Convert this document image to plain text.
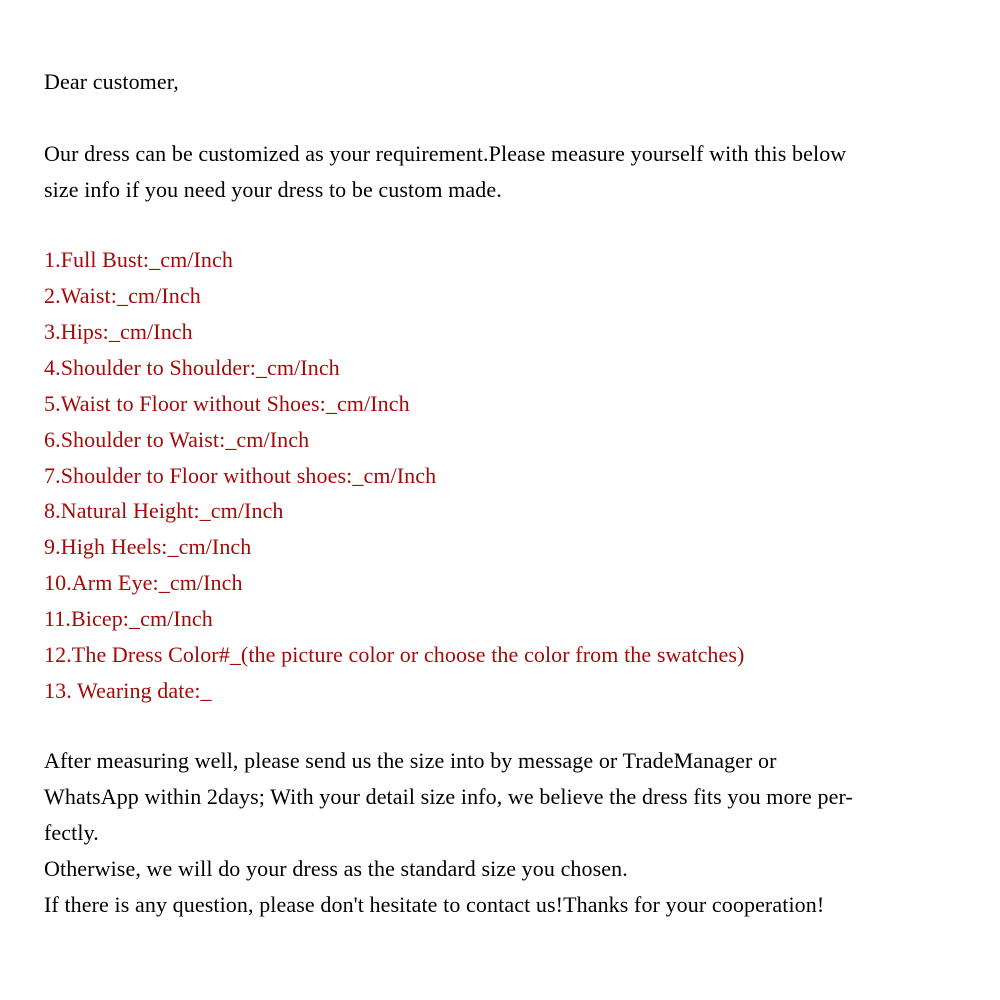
Dear customer,
Our dress can be customized as your requirement.Please measure yourself with this below
size info if you need your dress to be custom made.
1.Full Bust:_cm/Inch
2.Waist:_cm/Inch
3.Hips:_cm/Inch
4.Shoulder to Shoulder:_cm/Inch
5.Waist to Floor without Shoes:_cm/Inch
6.Shoulder to Waist:_cm/Inch
7.Shoulder to Floor without shoes:_cm/Inch
8.Natural Height:_cm/Inch
9.High Heels:_cm/Inch
10.Arm Eye:_cm/Inch
11.Bicep:_cm/Inch
12.The Dress Color#_(the picture color or choose the color from the swatches)
13. Wearing date:_
After measuring well, please send us the size into by message or TradeManager or
WhatsApp within 2days; With your detail size info, we believe the dress fits you more per-
fectly.
Otherwise, we will do your dress as the standard size you chosen.
If there is any question, please don't hesitate to contact us!Thanks for your cooperation!
